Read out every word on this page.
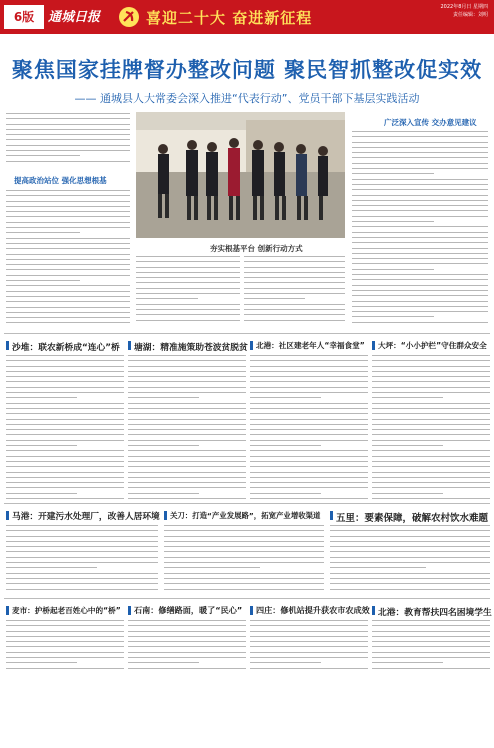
6版	通城日报	喜迎二十大 奋进新征程
2022年8月日 星期四
责任编辑：刘明
聚焦国家挂牌督办整改问题 聚民智抓整改促实效
—— 通城县人大常委会深入推进“代表行动”、党员干部下基层实践活动
提高政治站位 强化思想根基
夯实根基平台 创新行动方式
广泛深入宣传 交办意见建议
沙堆：联农新桥成“连心”桥 塘湖：精准施策助苍波贫脱贫 北港：社区建老年人“幸福食堂” 大坪：“小小护栏”守住群众安全
马港：开建污水处理厂，改善人居环境 关刀：打造“产业发展路”，拓宽产业增收渠道 五里：要素保障，破解农村饮水难题
麦市：护桥起老百姓心中的“桥” 石南：修缮路面，暖了“民心” 四庄：修机站提升获农市农成效 北港：教育帮扶四名困境学生
